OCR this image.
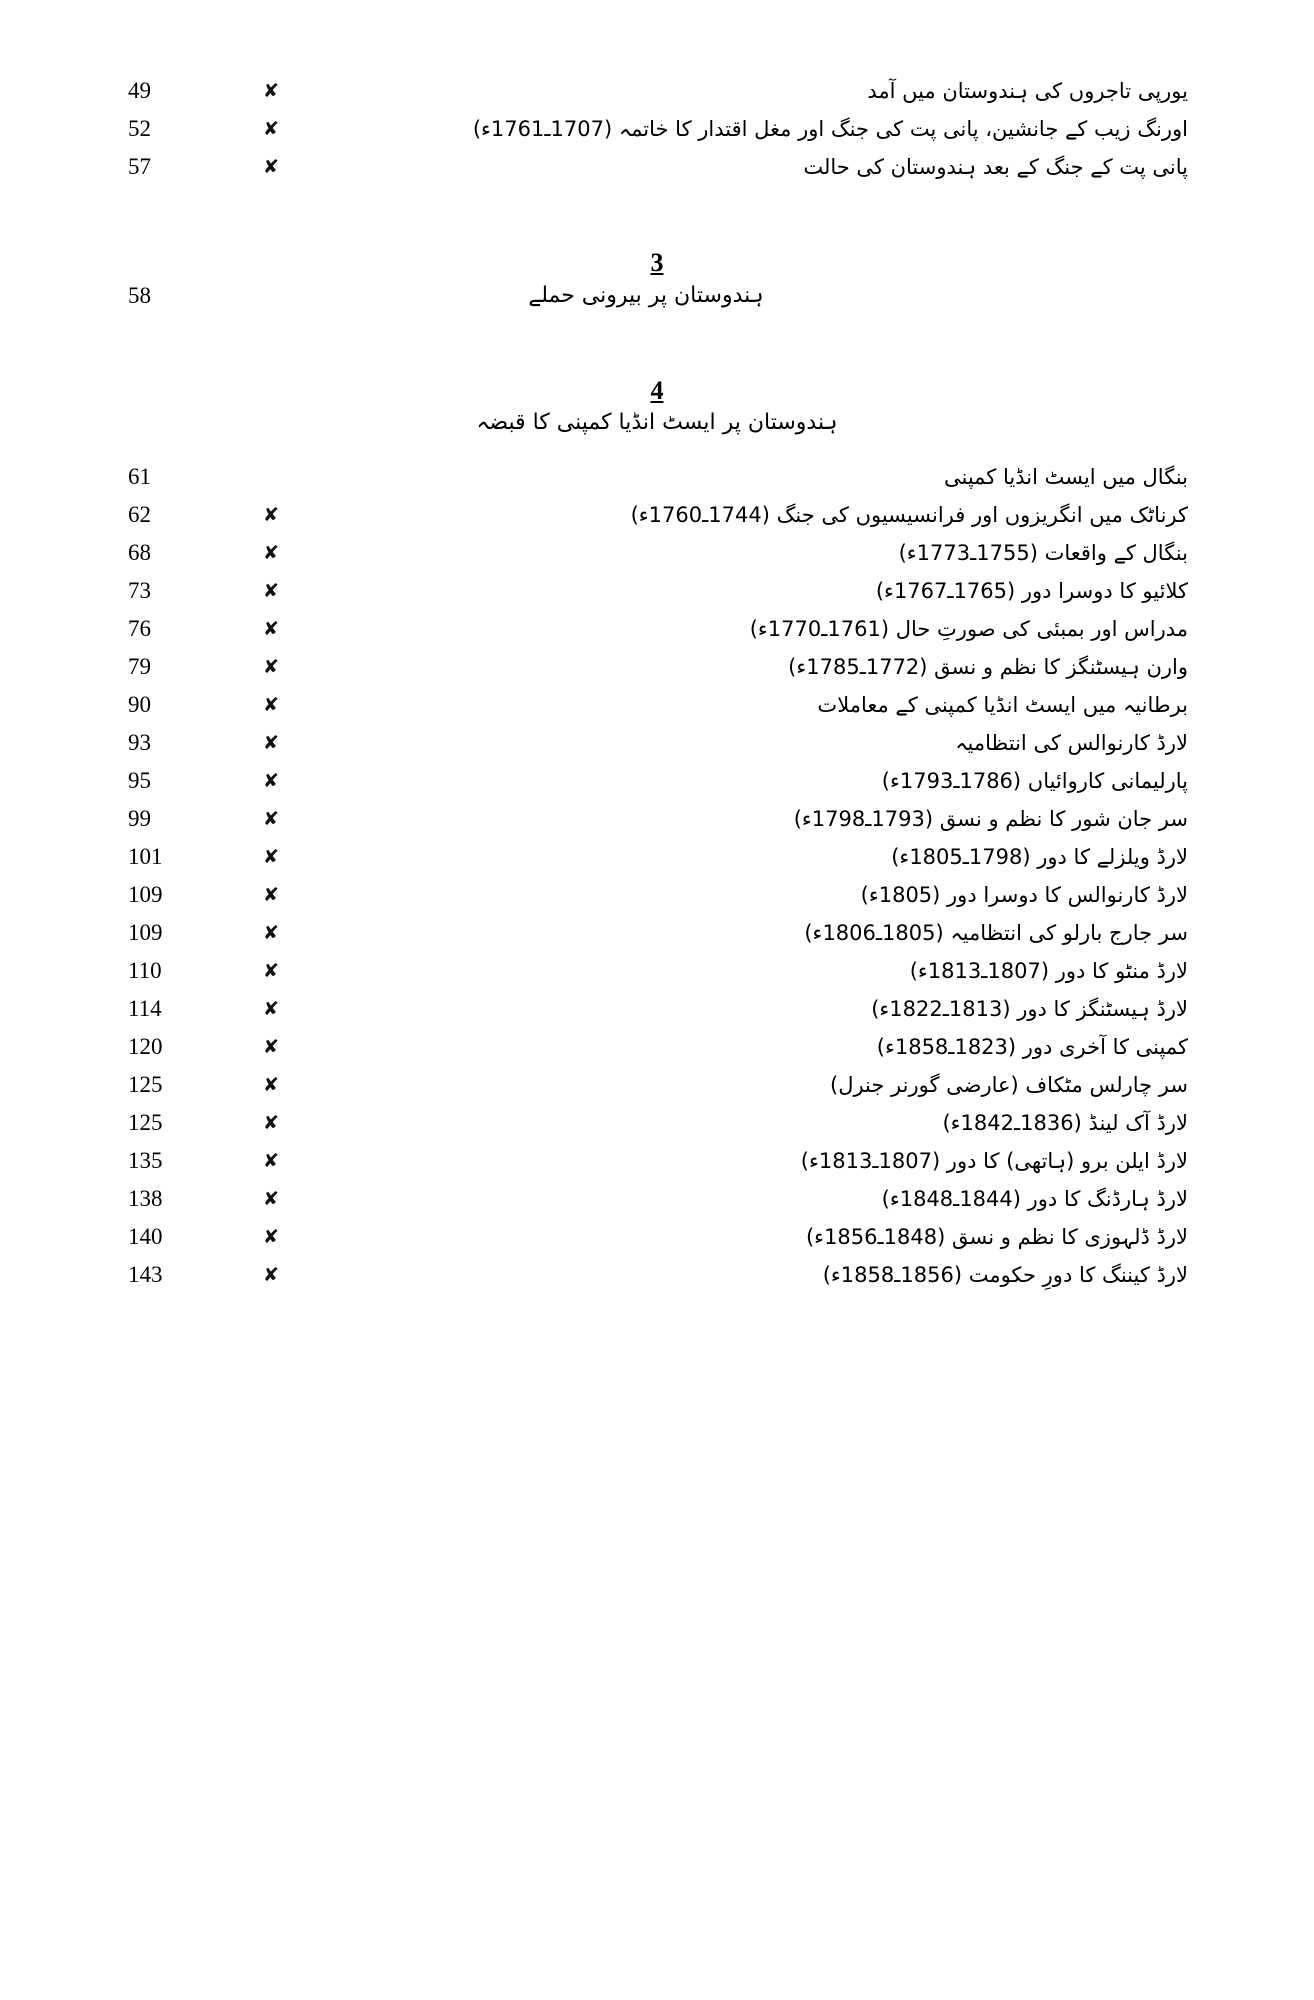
یورپی تاجروں کی ہندوستان میں آمد
✘
49
اورنگ زیب کے جانشین، پانی پت کی جنگ اور مغل اقتدار کا خاتمہ (1707ـ1761ء)
✘
52
پانی پت کے جنگ کے بعد ہندوستان کی حالت
✘
57
3
ہندوستان پر بیرونی حملے
58
4
ہندوستان پر ایسٹ انڈیا کمپنی کا قبضہ
بنگال میں ایسٹ انڈیا کمپنی
61
کرناٹک میں انگریزوں اور فرانسیسیوں کی جنگ (1744ـ1760ء)
✘
62
بنگال کے واقعات (1755ـ1773ء)
✘
68
کلائیو کا دوسرا دور (1765ـ1767ء)
✘
73
مدراس اور بمبئی کی صورتِ حال (1761ـ1770ء)
✘
76
وارن ہیسٹنگز کا نظم و نسق (1772ـ1785ء)
✘
79
برطانیہ میں ایسٹ انڈیا کمپنی کے معاملات
✘
90
لارڈ کارنوالس کی انتظامیہ
✘
93
پارلیمانی کاروائیاں (1786ـ1793ء)
✘
95
سر جان شور کا نظم و نسق (1793ـ1798ء)
✘
99
لارڈ ویلزلے کا دور (1798ـ1805ء)
✘
101
لارڈ کارنوالس کا دوسرا دور (1805ء)
✘
109
سر جارج بارلو کی انتظامیہ (1805ـ1806ء)
✘
109
لارڈ منٹو کا دور (1807ـ1813ء)
✘
110
لارڈ ہیسٹنگز کا دور (1813ـ1822ء)
✘
114
کمپنی کا آخری دور (1823ـ1858ء)
✘
120
سر چارلس مٹکاف (عارضی گورنر جنرل)
✘
125
لارڈ آک لینڈ (1836ـ1842ء)
✘
125
لارڈ ایلن برو (ہاتھی) کا دور (1807ـ1813ء)
✘
135
لارڈ ہارڈنگ کا دور (1844ـ1848ء)
✘
138
لارڈ ڈلہوزی کا نظم و نسق (1848ـ1856ء)
✘
140
لارڈ کیننگ کا دورِ حکومت (1856ـ1858ء)
✘
143
